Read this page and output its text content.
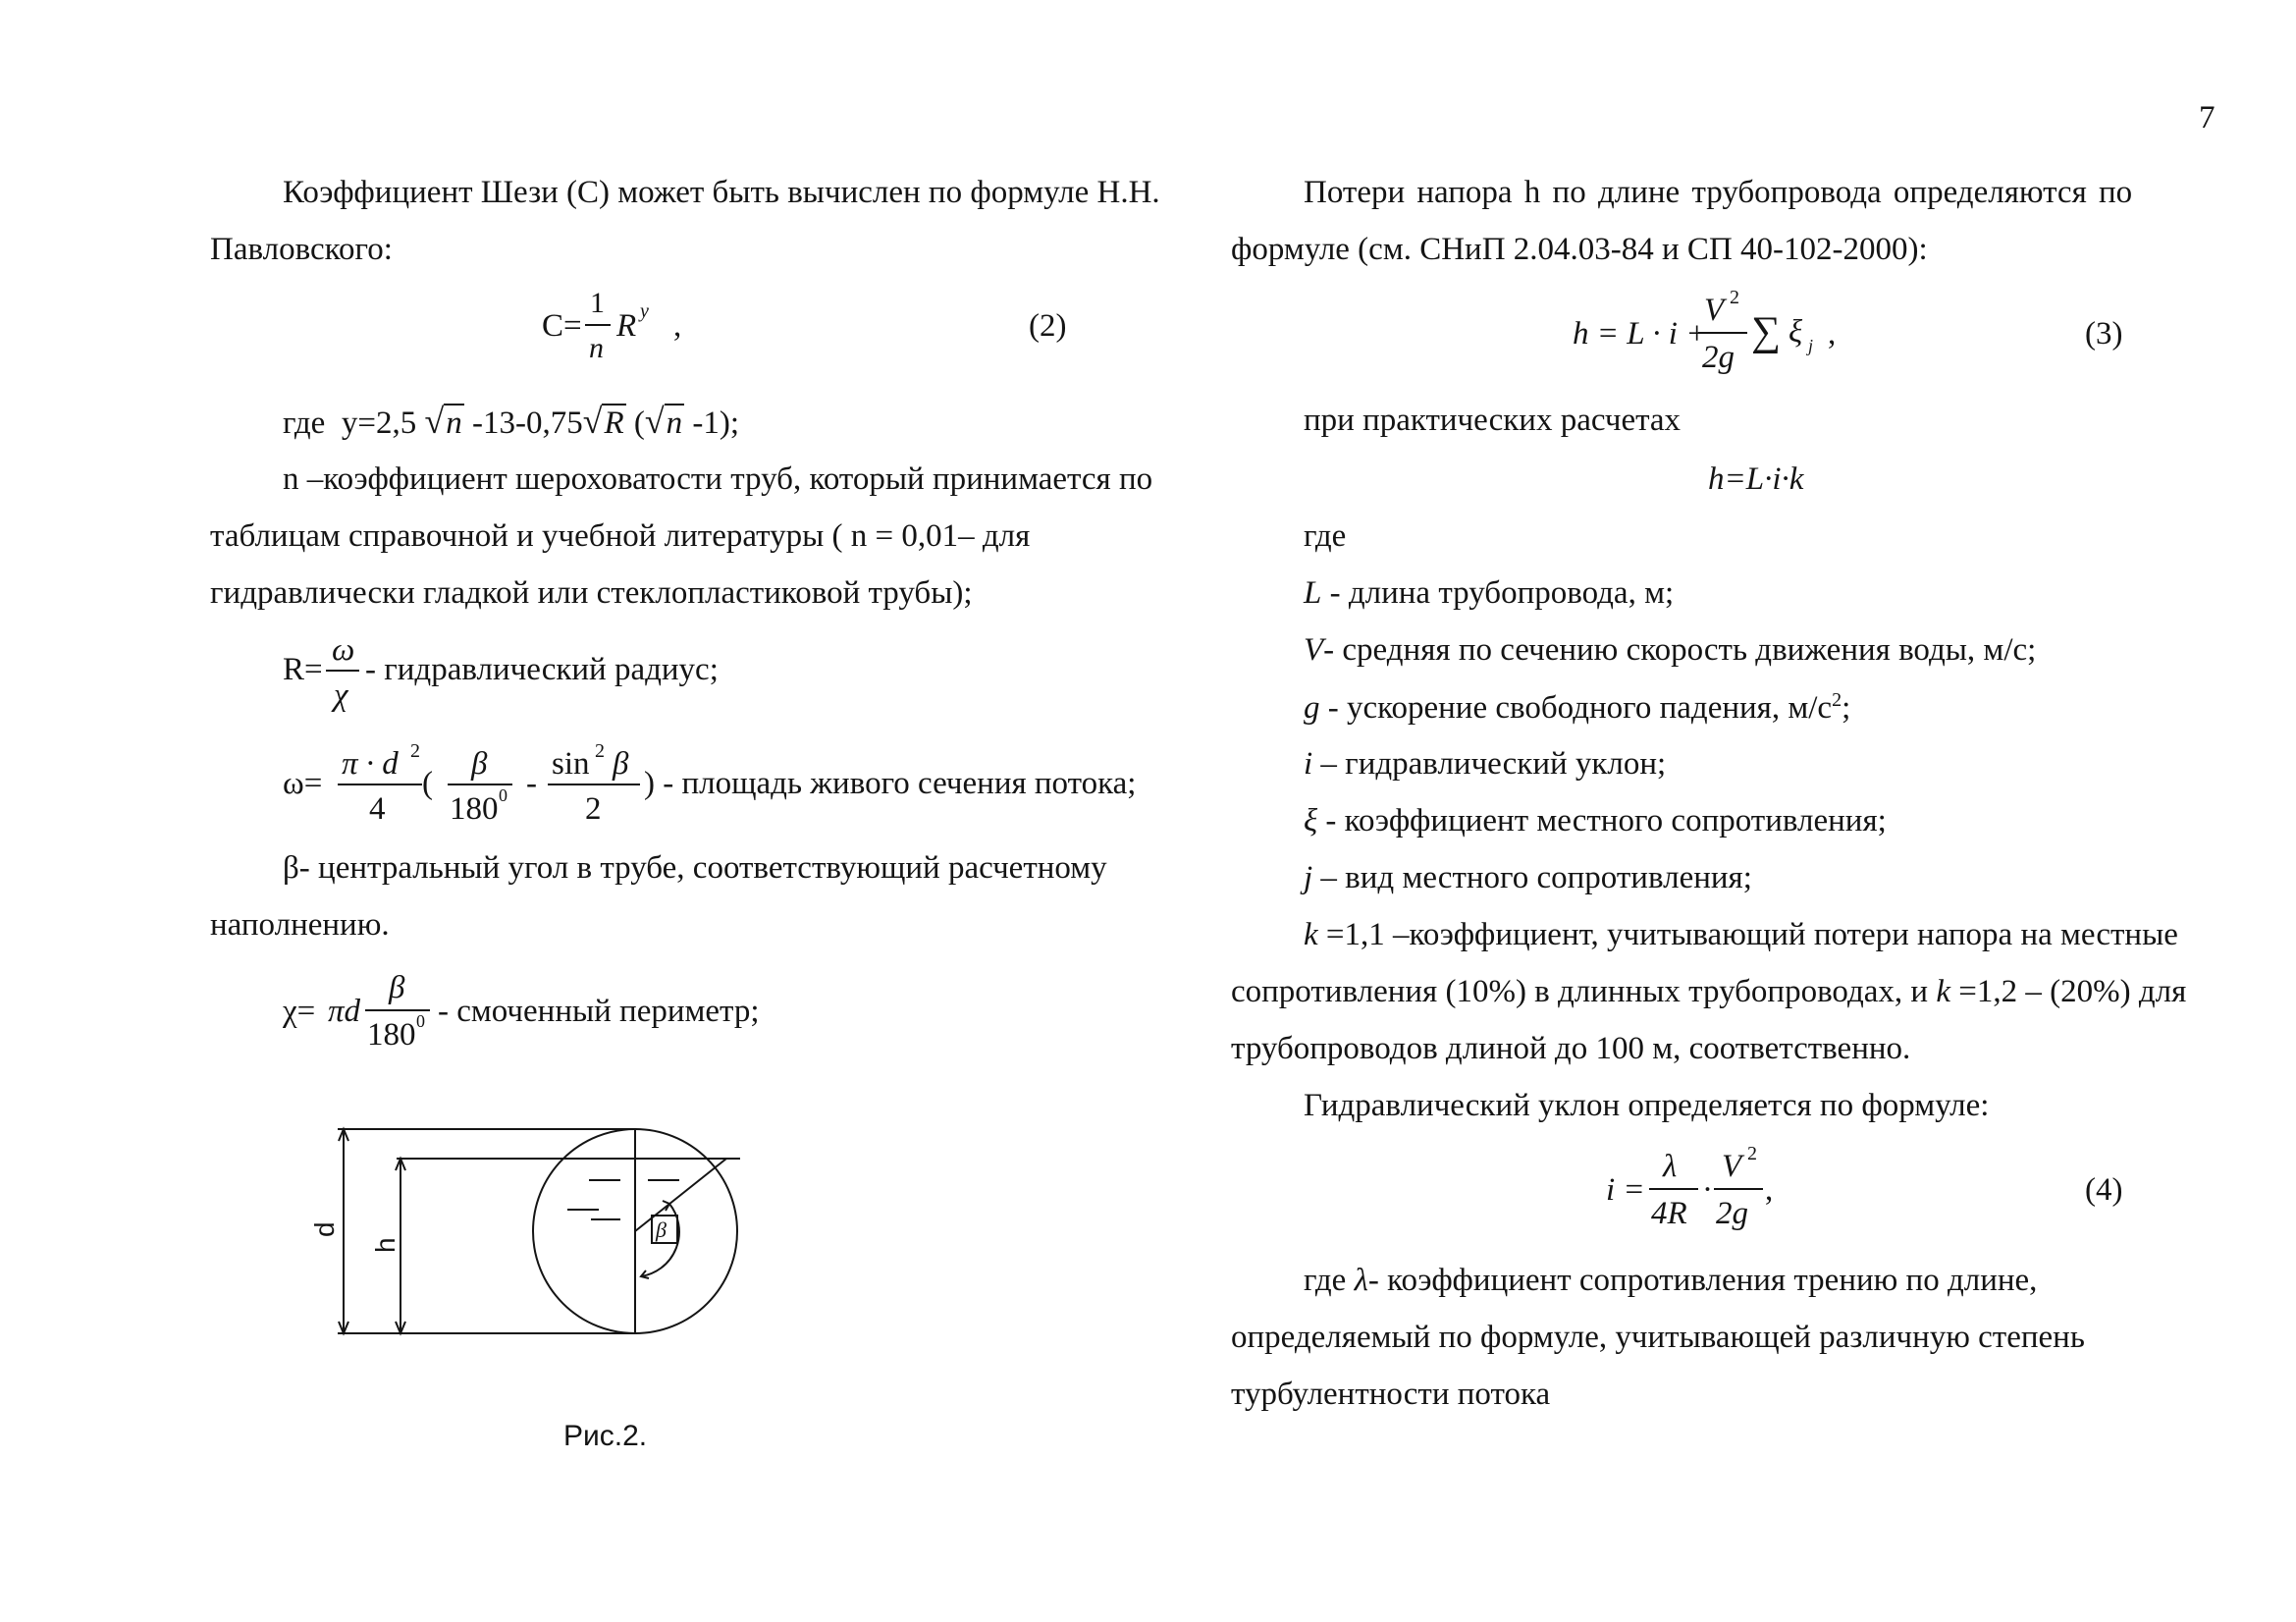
7
Коэффициент Шези (С) может быть вычислен по формуле Н.Н.
Павловского:
С=
1
n
R y ,	(2)
где y=2,5 √n -13-0,75√R (√n -1);
n –коэффициент шероховатости труб, который принимается по
таблицам справочной и учебной литературы ( n = 0,01– для
гидравлически гладкой или стеклопластиковой трубы);
R=
ω
χ
- гидравлический радиус;
ω=
π · d 2
4
(
β
180 0 -
sin 2 β
2
) - площадь живого сечения потока;
β- центральный угол в трубе, соответствующий расчетному
наполнению.
χ= πd
β
180 0 - смоченный периметр;
d
h
β
Рис.2.
Потери напора h по длине трубопровода определяются по
формуле (см. СНиП 2.04.03-84 и СП 40-102-2000):
h = L · i +
V 2
2g
∑ ξ j ,	(3)
при практических расчетах
h=L·i·k
где
L - длина трубопровода, м;
V- средняя по сечению скорость движения воды, м/с;
g - ускорение свободного падения, $м/с^2$;
i – гидравлический уклон;
ξ - коэффициент местного сопротивления;
j – вид местного сопротивления;
k =1,1 –коэффициент, учитывающий потери напора на местные
сопротивления (10%) в длинных трубопроводах, и k =1,2 – (20%) для
трубопроводов длиной до 100 м, соответственно.
Гидравлический уклон определяется по формуле:
i =
λ
4R
·
V 2
2g
,	(4)
где λ- коэффициент сопротивления трению по длине,
определяемый по формуле, учитывающей различную степень
турбулентности потока
